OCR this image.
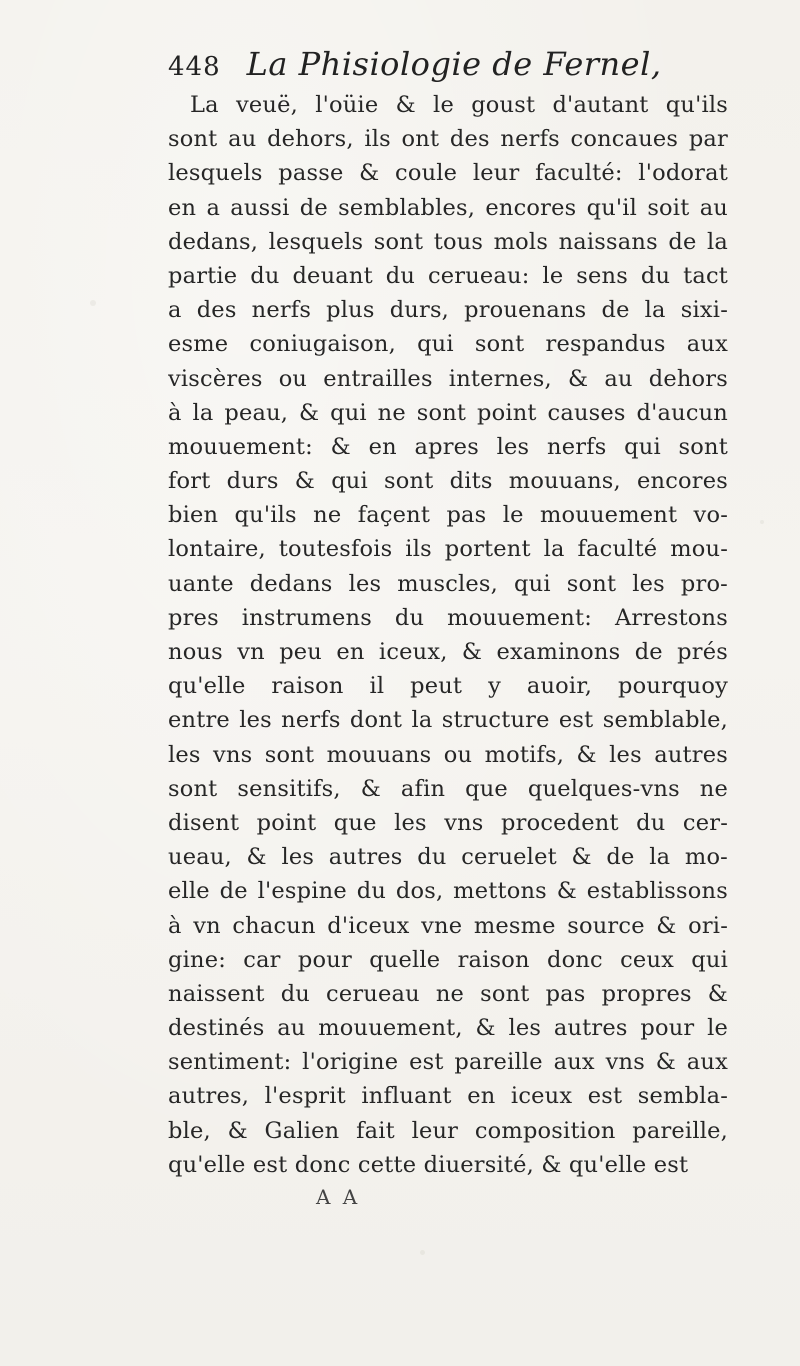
448 La Phisiologie de Fernel,
La veuë, l'oüie & le goust d'autant qu'ils
sont au dehors, ils ont des nerfs concaues par
lesquels passe & coule leur faculté: l'odorat
en a aussi de semblables, encores qu'il soit au
dedans, lesquels sont tous mols naissans de la
partie du deuant du cerueau: le sens du tact
a des nerfs plus durs, prouenans de la sixi-
esme coniugaison, qui sont respandus aux
viscères ou entrailles internes, & au dehors
à la peau, & qui ne sont point causes d'aucun
mouuement: & en apres les nerfs qui sont
fort durs & qui sont dits mouuans, encores
bien qu'ils ne façent pas le mouuement vo-
lontaire, toutesfois ils portent la faculté mou-
uante dedans les muscles, qui sont les pro-
pres instrumens du mouuement: Arrestons
nous vn peu en iceux, & examinons de prés
qu'elle raison il peut y auoir, pourquoy
entre les nerfs dont la structure est semblable,
les vns sont mouuans ou motifs, & les autres
sont sensitifs, & afin que quelques-vns ne
disent point que les vns procedent du cer-
ueau, & les autres du ceruelet & de la mo-
elle de l'espine du dos, mettons & establissons
à vn chacun d'iceux vne mesme source & ori-
gine: car pour quelle raison donc ceux qui
naissent du cerueau ne sont pas propres &
destinés au mouuement, & les autres pour le
sentiment: l'origine est pareille aux vns & aux
autres, l'esprit influant en iceux est sembla-
ble, & Galien fait leur composition pareille,
qu'elle est donc cette diuersité, & qu'elle est
A A
